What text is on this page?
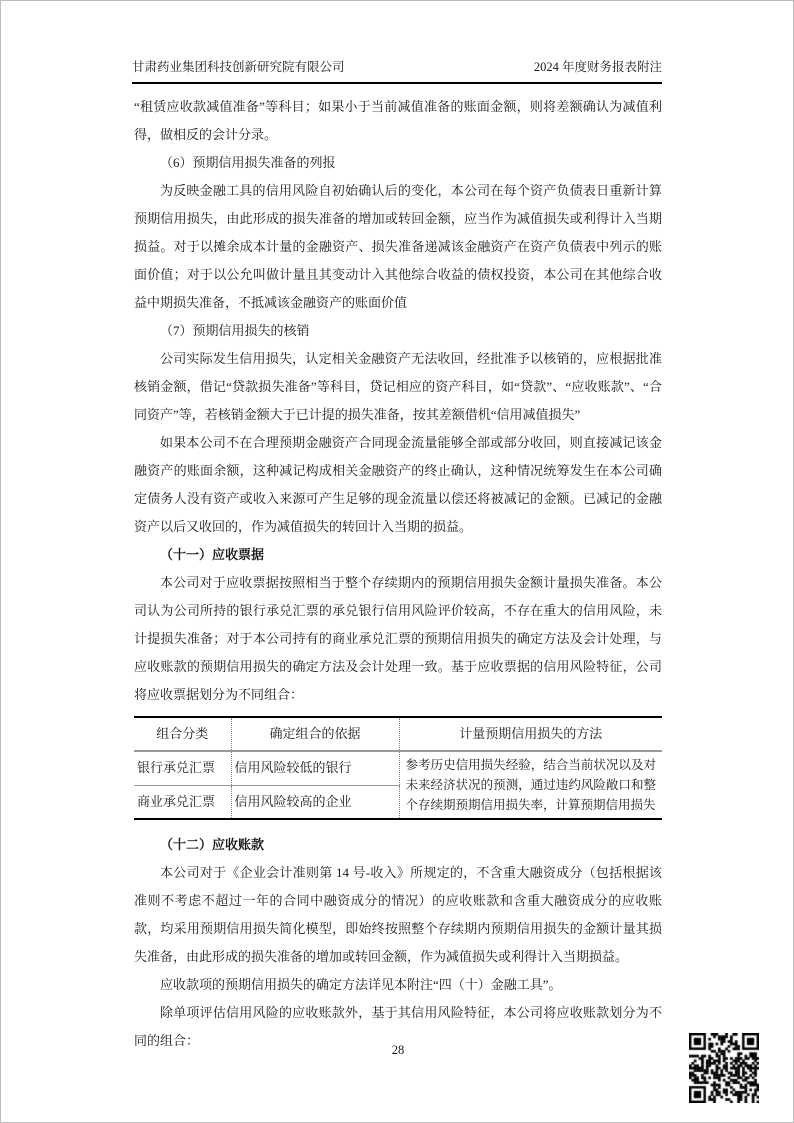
甘肃药业集团科技创新研究院有限公司	2024 年度财务报表附注

“租赁应收款减值准备”等科目；如果小于当前减值准备的账面金额，则将差额确认为减值利得，做相反的会计分录。

（6）预期信用损失准备的列报

为反映金融工具的信用风险自初始确认后的变化，本公司在每个资产负债表日重新计算预期信用损失，由此形成的损失准备的增加或转回金额，应当作为减值损失或利得计入当期损益。对于以摊余成本计量的金融资产、损失准备递减该金融资产在资产负债表中列示的账面价值；对于以公允叫做计量且其变动计入其他综合收益的债权投资，本公司在其他综合收益中期损失准备，不抵减该金融资产的账面价值

（7）预期信用损失的核销

公司实际发生信用损失，认定相关金融资产无法收回，经批准予以核销的，应根据批准核销金额，借记“贷款损失准备”等科目，贷记相应的资产科目，如“贷款”、“应收账款”、“合同资产”等，若核销金额大于已计提的损失准备，按其差额借机“信用减值损失”

如果本公司不在合理预期金融资产合同现金流量能够全部或部分收回，则直接减记该金融资产的账面余额，这种减记构成相关金融资产的终止确认，这种情况统筹发生在本公司确定债务人没有资产或收入来源可产生足够的现金流量以偿还将被减记的金额。已减记的金融资产以后又收回的，作为减值损失的转回计入当期的损益。

（十一）应收票据

本公司对于应收票据按照相当于整个存续期内的预期信用损失金额计量损失准备。本公司认为公司所持的银行承兑汇票的承兑银行信用风险评价较高，不存在重大的信用风险，未计提损失准备；对于本公司持有的商业承兑汇票的预期信用损失的确定方法及会计处理，与应收账款的预期信用损失的确定方法及会计处理一致。基于应收票据的信用风险特征，公司将应收票据划分为不同组合：

组合分类	确定组合的依据	计量预期信用损失的方法
银行承兑汇票	信用风险较低的银行	参考历史信用损失经验，结合当前状况以及对未来经济状况的预测，通过违约风险敞口和整个存续期预期信用损失率，计算预期信用损失
商业承兑汇票	信用风险较高的企业	

（十二）应收账款

本公司对于《企业会计准则第 14 号-收入》所规定的，不含重大融资成分（包括根据该准则不考虑不超过一年的合同中融资成分的情况）的应收账款和含重大融资成分的应收账款，均采用预期信用损失简化模型，即始终按照整个存续期内预期信用损失的金额计量其损失准备，由此形成的损失准备的增加或转回金额，作为减值损失或利得计入当期损益。

应收款项的预期信用损失的确定方法详见本附注“四（十）金融工具”。

除单项评估信用风险的应收账款外，基于其信用风险特征，本公司将应收账款划分为不同的组合：

28
